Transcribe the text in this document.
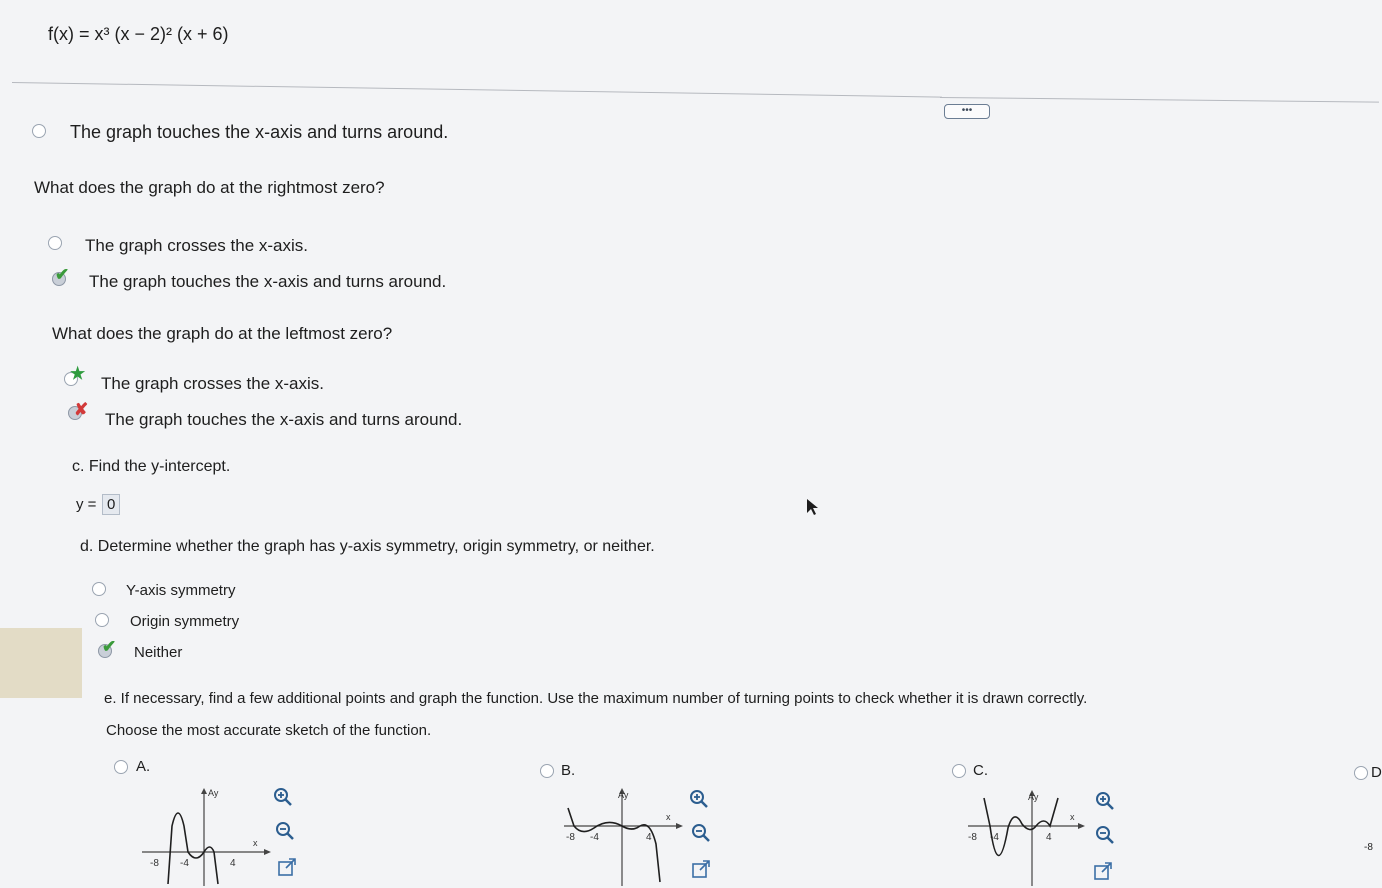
f(x) = x³ (x − 2)² (x + 6)
The graph touches the x-axis and turns around.
What does the graph do at the rightmost zero?
The graph crosses the x-axis.
✔ The graph touches the x-axis and turns around.
What does the graph do at the leftmost zero?
★
The graph crosses the x-axis.
✘
The graph touches the x-axis and turns around.
c. Find the y-intercept.
y = 0
d. Determine whether the graph has y-axis symmetry, origin symmetry, or neither.
Y-axis symmetry
Origin symmetry
✔ Neither
•••
e. If necessary, find a few additional points and graph the function. Use the maximum number of turning points to check whether it is drawn correctly.
Choose the most accurate sketch of the function.
A.
Ay
x
-8 -4	4
B.
Ay
x
-8 -4	4
C.
Ay
x
-8 -4	4
D
-8
